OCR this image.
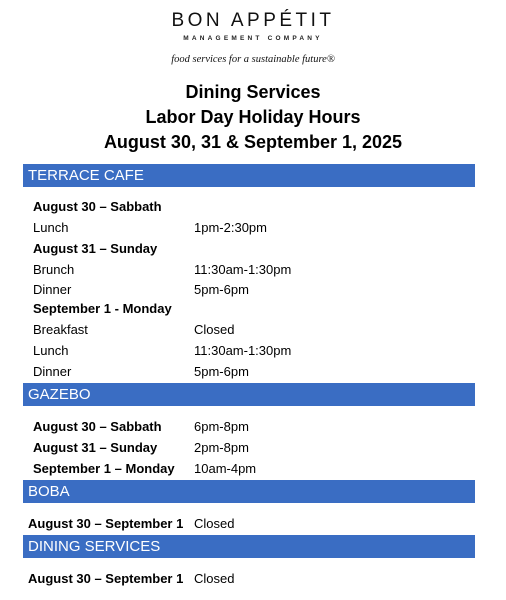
BON APPÉTIT
MANAGEMENT COMPANY
food services for a sustainable future®
Dining Services
Labor Day Holiday Hours
August 30, 31 & September 1, 2025
TERRACE CAFE
August 30 – Sabbath
Lunch	1pm-2:30pm
August 31 – Sunday
Brunch	11:30am-1:30pm
Dinner	5pm-6pm
September 1 - Monday
Breakfast	Closed
Lunch	11:30am-1:30pm
Dinner	5pm-6pm
GAZEBO
August 30 – Sabbath 6pm-8pm
August 31 – Sunday	2pm-8pm
September 1 – Monday 10am-4pm
BOBA
August 30 – September 1 Closed
DINING SERVICES
August 30 – September 1 Closed
